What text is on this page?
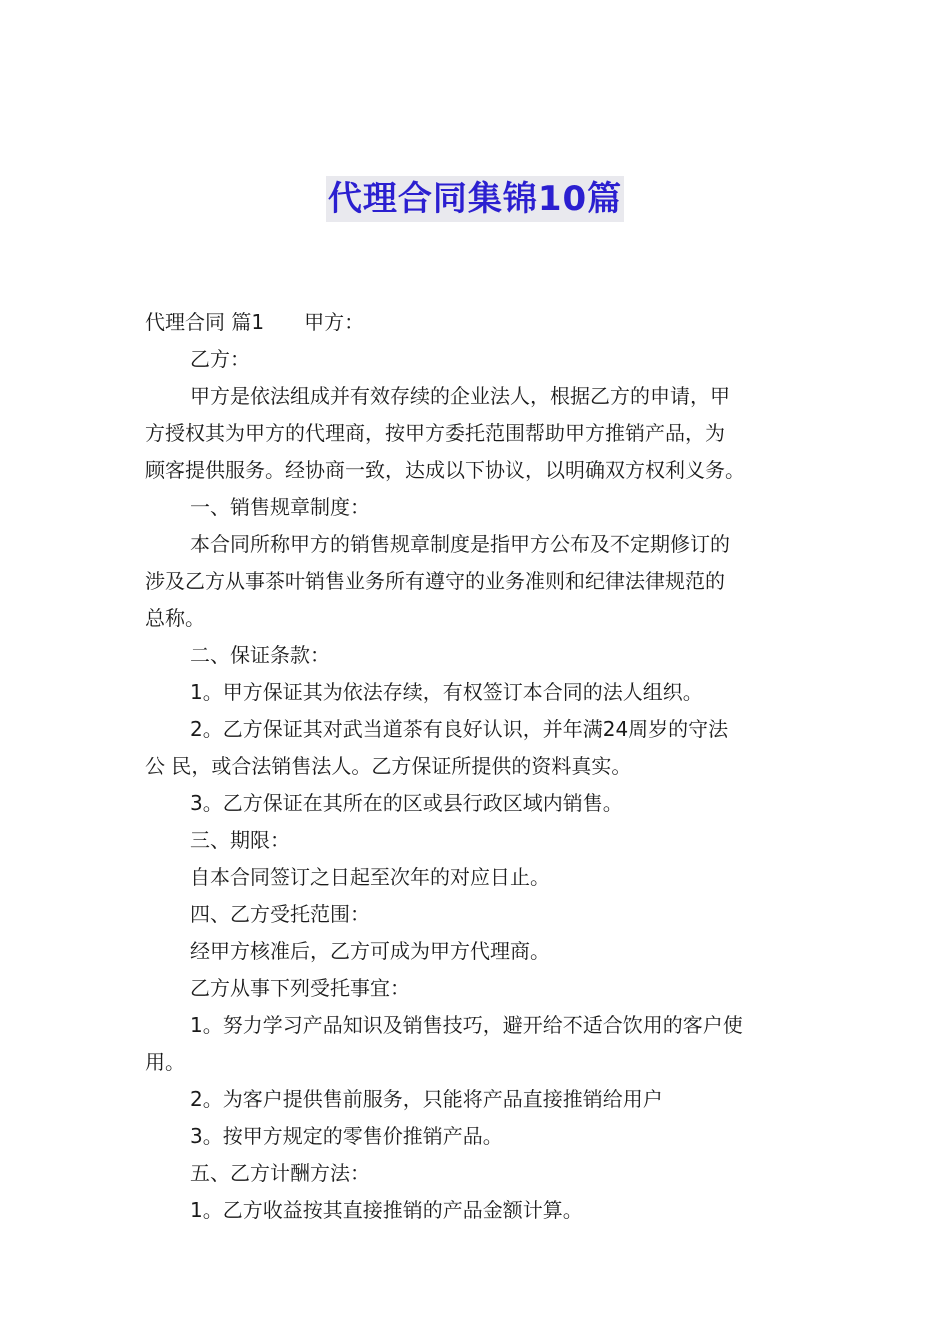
代理合同集锦10篇

代理合同 篇1 甲方：

乙方：

甲方是依法组成并有效存续的企业法人，根据乙方的申请，甲

方授权其为甲方的代理商，按甲方委托范围帮助甲方推销产品，为

顾客提供服务。经协商一致，达成以下协议，以明确双方权利义务。

一、销售规章制度：

本合同所称甲方的销售规章制度是指甲方公布及不定期修订的

涉及乙方从事茶叶销售业务所有遵守的业务准则和纪律法律规范的

总称。

二、保证条款：

1。甲方保证其为依法存续，有权签订本合同的法人组织。

2。乙方保证其对武当道茶有良好认识，并年满24周岁的守法

公 民，或合法销售法人。乙方保证所提供的资料真实。

3。乙方保证在其所在的区或县行政区域内销售。

三、期限：

自本合同签订之日起至次年的对应日止。

四、乙方受托范围：

经甲方核准后，乙方可成为甲方代理商。

乙方从事下列受托事宜：

1。努力学习产品知识及销售技巧，避开给不适合饮用的客户使

用。

2。为客户提供售前服务，只能将产品直接推销给用户

3。按甲方规定的零售价推销产品。

五、乙方计酬方法：

1。乙方收益按其直接推销的产品金额计算。
